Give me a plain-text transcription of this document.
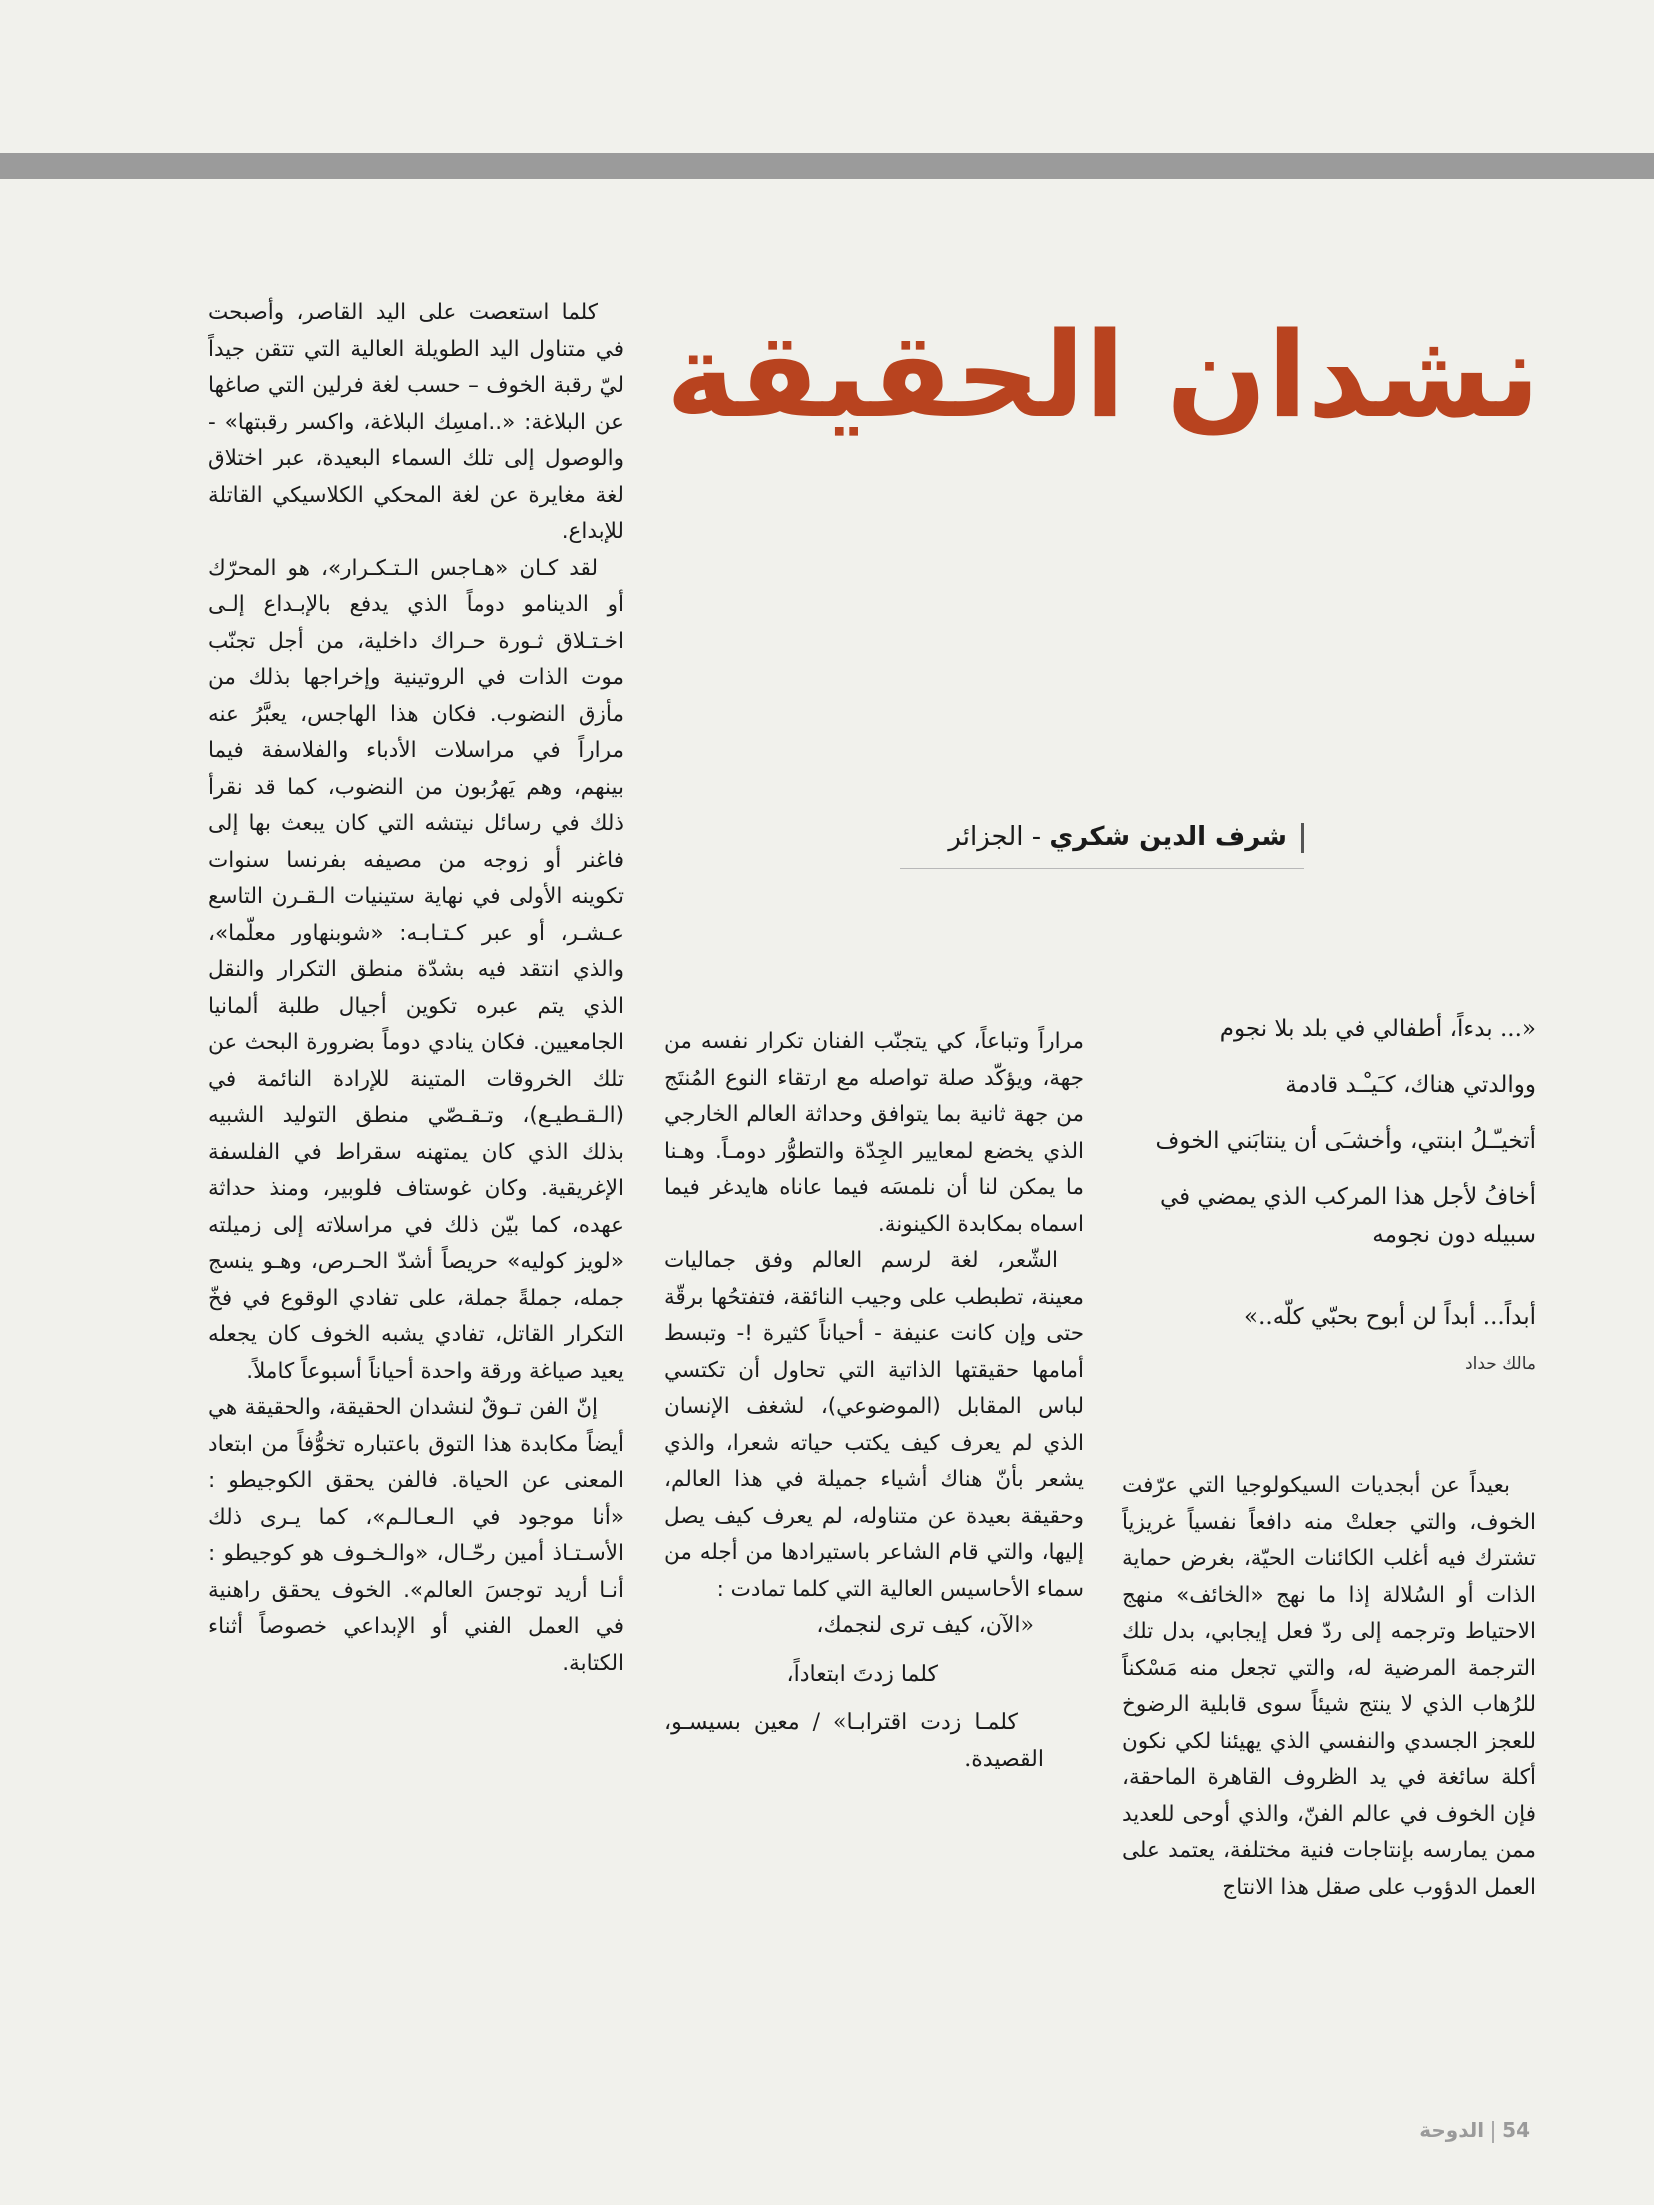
نشدان الحقيقة
شرف الدين شكري - الجزائر

«... بدءاً، أطفالي في بلد بلا نجوم

ووالدتي هناك، كـَيـْـد قادمة

أتخيـّـلُ ابنتي، وأخشـَى أن ينتابَني الخوف

أخافُ لأجل هذا المركب الذي يمضي في سبيله دون نجومه

أبداً... أبداً لن أبوح بحبّي كلّه..»

مالك حداد

بعيداً عن أبجديات السيكولوجيا التي عرّفت الخوف، والتي جعلتْ منه دافعاً نفسياً غريزياً تشترك فيه أغلب الكائنات الحيّة، بغرض حماية الذات أو السُلالة إذا ما نهج «الخائف» منهج الاحتياط وترجمه إلى ردّ فعل إيجابي، بدل تلك الترجمة المرضية له، والتي تجعل منه مَسْكناً للرُهاب الذي لا ينتج شيئاً سوى قابلية الرضوخ للعجز الجسدي والنفسي الذي يهيئنا لكي نكون أكلة سائغة في يد الظروف القاهرة الماحقة، فإن الخوف في عالم الفنّ، والذي أوحى للعديد ممن يمارسه بإنتاجات فنية مختلفة، يعتمد على العمل الدؤوب على صقل هذا الانتاج

مراراً وتباعاً، كي يتجنّب الفنان تكرار نفسه من جهة، ويؤكّد صلة تواصله مع ارتقاء النوع المُنتَج من جهة ثانية بما يتوافق وحداثة العالم الخارجي الذي يخضع لمعايير الجِدّة والتطوُّر دومـاً. وهـنا ما يمكن لنا أن نلمسَه فيما عاناه هايدغر فيما اسماه بمكابدة الكينونة.

الشّعر، لغة لرسم العالم وفق جماليات معينة، تطبطب على وجيب النائقة، فتفتحُها برقّة حتى وإن كانت عنيفة - أحياناً كثيرة !- وتبسط أمامها حقيقتها الذاتية التي تحاول أن تكتسي لباس المقابل (الموضوعي)، لشغف الإنسان الذي لم يعرف كيف يكتب حياته شعرا، والذي يشعر بأنّ هناك أشياء جميلة في هذا العالم، وحقيقة بعيدة عن متناوله، لم يعرف كيف يصل إليها، والتي قام الشاعر باستيرادها من أجله من سماء الأحاسيس العالية التي كلما تمادت :

«الآن، كيف ترى لنجمك،

كلما زدتَ ابتعاداً،

كلمـا زدت اقترابـا» / معين بسيسـو، القصيدة.

كلما استعصت على اليد القاصر، وأصبحت في متناول اليد الطويلة العالية التي تتقن جيداً ليّ رقبة الخوف – حسب لغة فرلين التي صاغها عن البلاغة: «..امسِك البلاغة، واكسر رقبتها» - والوصول إلى تلك السماء البعيدة، عبر اختلاق لغة مغايرة عن لغة المحكي الكلاسيكي القاتلة للإبداع.

لقد كـان «هـاجس الـتـكـرار»، هو المحرّك أو الدينامو دوماً الذي يدفع بالإبـداع إلـى اخـتـلاق ثـورة حـراك داخلية، من أجل تجنّب موت الذات في الروتينية وإخراجها بذلك من مأزق النضوب. فكان هذا الهاجس، يعبَّرُ عنه مراراً في مراسلات الأدباء والفلاسفة فيما بينهم، وهم يَهرُبون من النضوب، كما قد نقرأ ذلك في رسائل نيتشه التي كان يبعث بها إلى فاغنر أو زوجه من مصيفه بفرنسا سنوات تكوينه الأولى في نهاية ستينيات الـقـرن التاسع عـشـر، أو عبر كـتـابـه: «شوبنهاور معلّما»، والذي انتقد فيه بشدّة منطق التكرار والنقل الذي يتم عبره تكوين أجيال طلبة ألمانيا الجامعيين. فكان ينادي دوماً بضرورة البحث عن تلك الخروقات المتينة للإرادة النائمة في (الـقـطيـع)، وتـقـصّي منطق التوليد الشبيه بذلك الذي كان يمتهنه سقراط في الفلسفة الإغريقية. وكان غوستاف فلوبير، ومنذ حداثة عهده، كما بيّن ذلك في مراسلاته إلى زميلته «لويز كوليه» حريصاً أشدّ الحـرص، وهـو ينسج جمله، جملةً جملة، على تفادي الوقوع في فخّ التكرار القاتل، تفادي يشبه الخوف كان يجعله يعيد صياغة ورقة واحدة أحياناً أسبوعاً كاملاً.

إنّ الفن تـوقٌ لنشدان الحقيقة، والحقيقة هي أيضاً مكابدة هذا التوق باعتباره تخوُّفاً من ابتعاد المعنى عن الحياة. فالفن يحقق الكوجيطو : «أنا موجود في الـعـالـم»، كما يـرى ذلك الأسـتـاذ أمين رحّـال، «والـخـوف هو كوجيطو : أنـا أريد توجسَ العالم». الخوف يحقق راهنية في العمل الفني أو الإبداعي خصوصاً أثناء الكتابة.

54الدوحة
